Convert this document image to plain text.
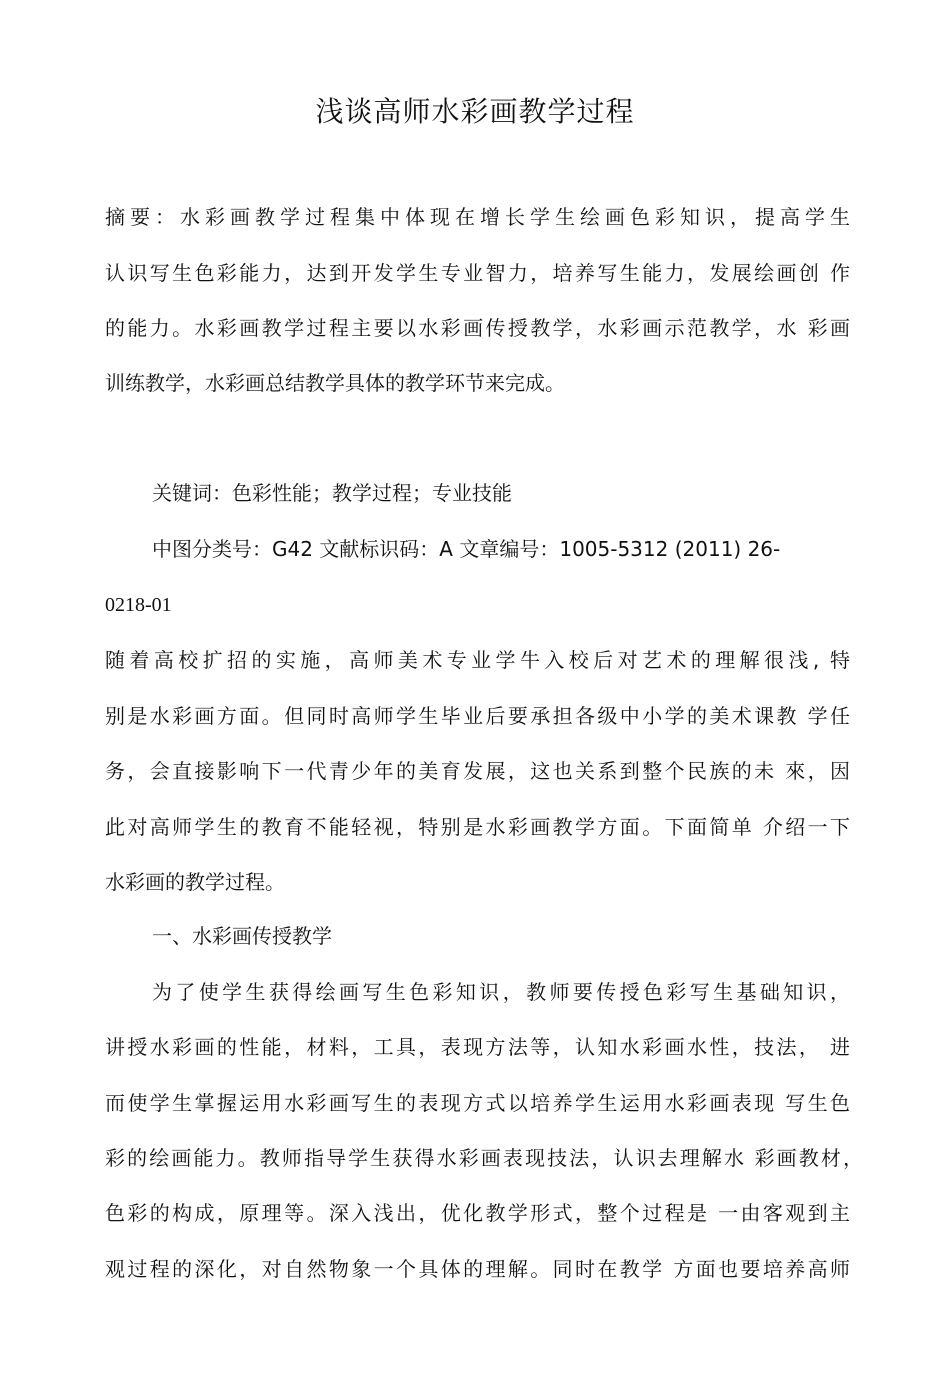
浅谈高师水彩画教学过程
摘要：水彩画教学过程集中体现在增长学生绘画色彩知识，提高学生
认识写生色彩能力，达到开发学生专业智力，培养写生能力，发展绘画创 作
的能力。水彩画教学过程主要以水彩画传授教学，水彩画示范教学，水 彩画
训练教学，水彩画总结教学具体的教学环节来完成。
关键词：色彩性能；教学过程；专业技能
中图分类号：G42 文献标识码：A 文章编号：1005-5312 (2011) 26-
0218-01
随着高校扩招的实施，高师美术专业学牛入校后对艺术的理解很浅, 特
别是水彩画方面。但同时高师学生毕业后要承担各级中小学的美术课教 学任
务，会直接影响下一代青少年的美育发展，这也关系到整个民族的未 來，因
此对高师学生的教育不能轻视，特别是水彩画教学方面。下面简单 介绍一下
水彩画的教学过程。
一、水彩画传授教学
为了使学生获得绘画写生色彩知识，教师要传授色彩写生基础知识，
讲授水彩画的性能，材料，工具，表现方法等，认知水彩画水性，技法， 进
而使学生掌握运用水彩画写生的表现方式以培养学生运用水彩画表现 写生色
彩的绘画能力。教师指导学生获得水彩画表现技法，认识去理解水 彩画教材，
色彩的构成，原理等。深入浅出，优化教学形式，整个过程是 一由客观到主
观过程的深化，对自然物象一个具体的理解。同时在教学 方面也要培养高师
